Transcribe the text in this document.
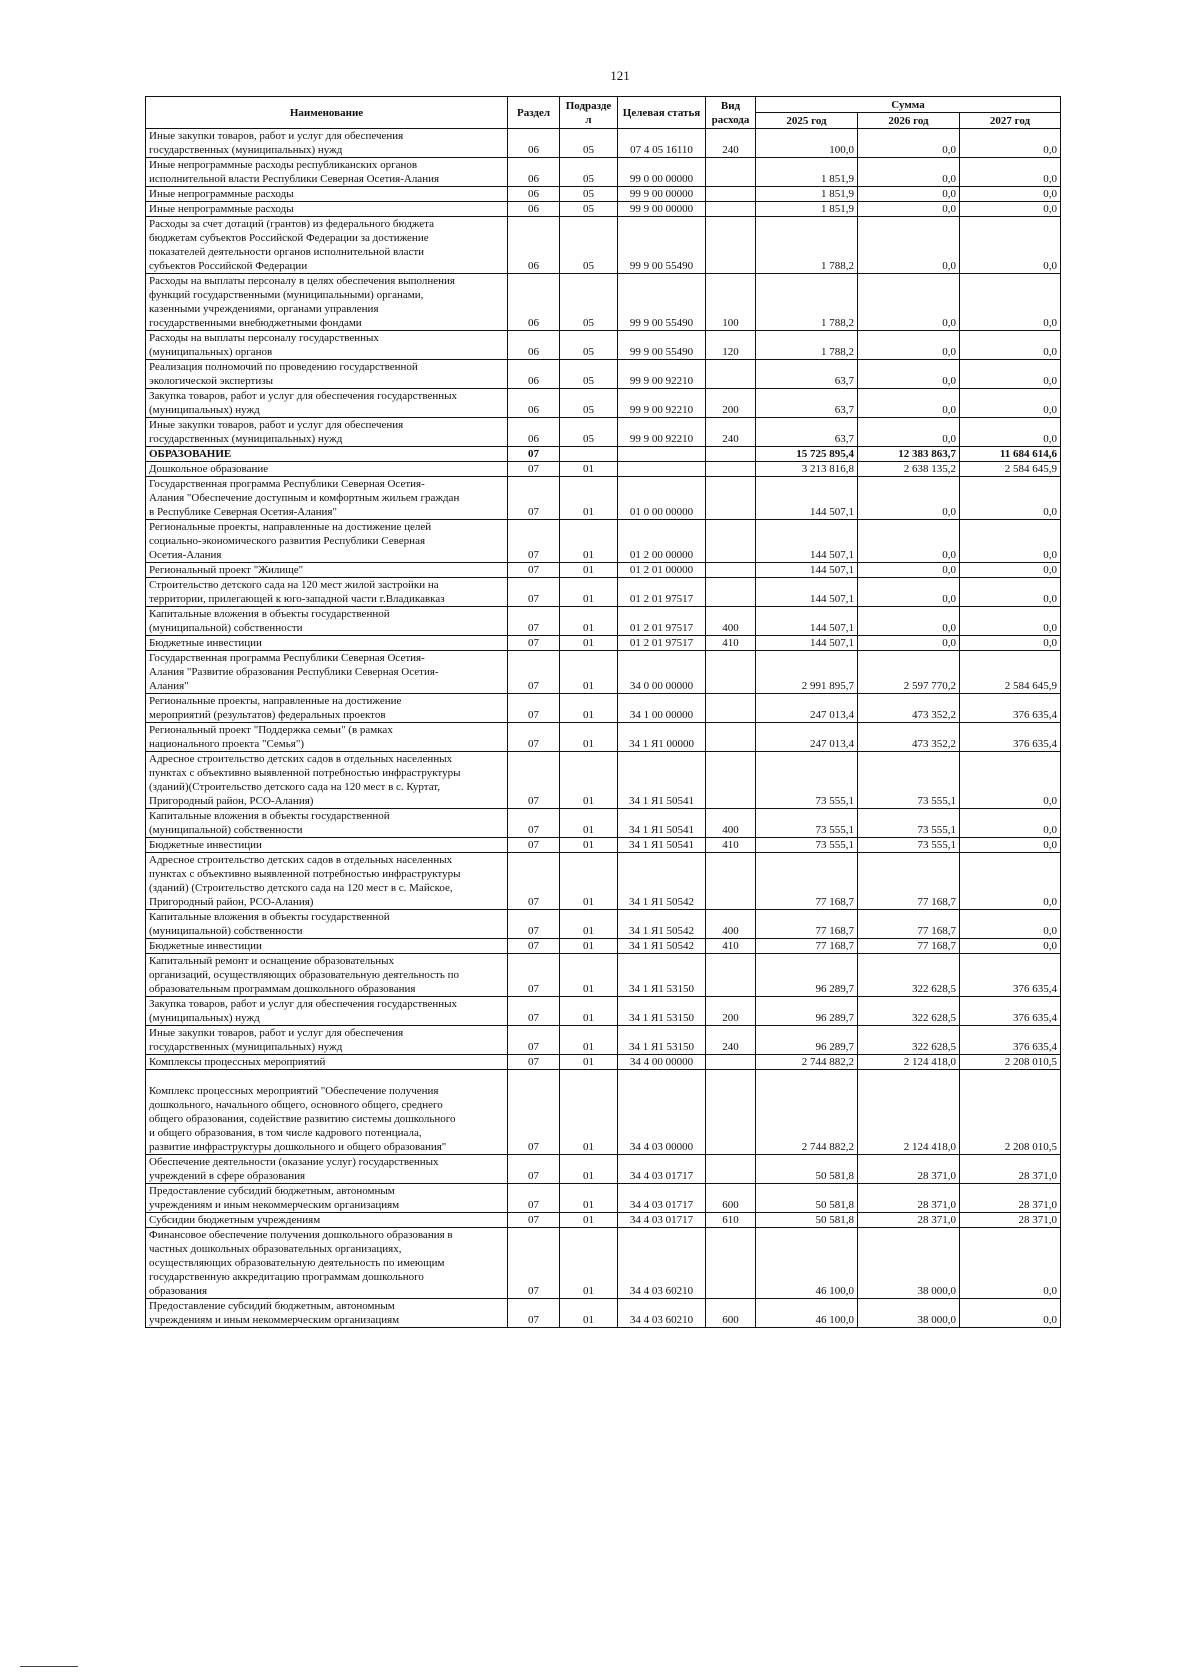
121
Наименование	Раздел	Подразде л	Целевая статья	Вид расхода	Сумма		
					2025 год	2026 год	2027 год
Иные закупки товаров, работ и услуг для обеспечения
государственных (муниципальных) нужд	06	05	07 4 05 16110	240	100,0	0,0	0,0
Иные непрограммные расходы республиканских органов
исполнительной власти Республики Северная Осетия-Алания	06	05	99 0 00 00000		1 851,9	0,0	0,0
Иные непрограммные расходы	06	05	99 9 00 00000		1 851,9	0,0	0,0
Иные непрограммные расходы	06	05	99 9 00 00000		1 851,9	0,0	0,0
Расходы за счет дотаций (грантов) из федерального бюджета
бюджетам субъектов Российской Федерации за достижение
показателей деятельности органов исполнительной власти
субъектов Российской Федерации	06	05	99 9 00 55490		1 788,2	0,0	0,0
Расходы на выплаты персоналу в целях обеспечения выполнения
функций государственными (муниципальными) органами,
казенными учреждениями, органами управления
государственными внебюджетными фондами	06	05	99 9 00 55490	100	1 788,2	0,0	0,0
Расходы на выплаты персоналу государственных
(муниципальных) органов	06	05	99 9 00 55490	120	1 788,2	0,0	0,0
Реализация полномочий по проведению государственной
экологической экспертизы	06	05	99 9 00 92210		63,7	0,0	0,0
Закупка товаров, работ и услуг для обеспечения государственных
(муниципальных) нужд	06	05	99 9 00 92210	200	63,7	0,0	0,0
Иные закупки товаров, работ и услуг для обеспечения
государственных (муниципальных) нужд	06	05	99 9 00 92210	240	63,7	0,0	0,0
ОБРАЗОВАНИЕ	07				15 725 895,4	12 383 863,7	11 684 614,6
Дошкольное образование	07	01			3 213 816,8	2 638 135,2	2 584 645,9
Государственная программа Республики Северная Осетия-
Алания "Обеспечение доступным и комфортным жильем граждан
в Республике Северная Осетия-Алания"	07	01	01 0 00 00000		144 507,1	0,0	0,0
Региональные проекты, направленные на достижение целей
социально-экономического развития Республики Северная
Осетия-Алания	07	01	01 2 00 00000		144 507,1	0,0	0,0
Региональный проект "Жилище"	07	01	01 2 01 00000		144 507,1	0,0	0,0
Строительство детского сада на 120 мест жилой застройки на
территории, прилегающей к юго-западной части г.Владикавказ	07	01	01 2 01 97517		144 507,1	0,0	0,0
Капитальные вложения в объекты государственной
(муниципальной) собственности	07	01	01 2 01 97517	400	144 507,1	0,0	0,0
Бюджетные инвестиции	07	01	01 2 01 97517	410	144 507,1	0,0	0,0
Государственная программа Республики Северная Осетия-
Алания "Развитие образования Республики Северная Осетия-
Алания"	07	01	34 0 00 00000		2 991 895,7	2 597 770,2	2 584 645,9
Региональные проекты, направленные на достижение
мероприятий (результатов) федеральных проектов	07	01	34 1 00 00000		247 013,4	473 352,2	376 635,4
Региональный проект "Поддержка семьи" (в рамках
национального проекта "Семья")	07	01	34 1 Я1 00000		247 013,4	473 352,2	376 635,4
Адресное строительство детских садов в отдельных населенных
пунктах с объективно выявленной потребностью инфраструктуры
(зданий)(Строительство детского сада на 120 мест в с. Куртат,
Пригородный район, РСО-Алания)	07	01	34 1 Я1 50541		73 555,1	73 555,1	0,0
Капитальные вложения в объекты государственной
(муниципальной) собственности	07	01	34 1 Я1 50541	400	73 555,1	73 555,1	0,0
Бюджетные инвестиции	07	01	34 1 Я1 50541	410	73 555,1	73 555,1	0,0
Адресное строительство детских садов в отдельных населенных
пунктах с объективно выявленной потребностью инфраструктуры
(зданий) (Строительство детского сада на 120 мест в с. Майское,
Пригородный район, РСО-Алания)	07	01	34 1 Я1 50542		77 168,7	77 168,7	0,0
Капитальные вложения в объекты государственной
(муниципальной) собственности	07	01	34 1 Я1 50542	400	77 168,7	77 168,7	0,0
Бюджетные инвестиции	07	01	34 1 Я1 50542	410	77 168,7	77 168,7	0,0
Капитальный ремонт и оснащение образовательных
организаций, осуществляющих образовательную деятельность по
образовательным программам дошкольного образования	07	01	34 1 Я1 53150		96 289,7	322 628,5	376 635,4
Закупка товаров, работ и услуг для обеспечения государственных
(муниципальных) нужд	07	01	34 1 Я1 53150	200	96 289,7	322 628,5	376 635,4
Иные закупки товаров, работ и услуг для обеспечения
государственных (муниципальных) нужд	07	01	34 1 Я1 53150	240	96 289,7	322 628,5	376 635,4
Комплексы процессных мероприятий	07	01	34 4 00 00000		2 744 882,2	2 124 418,0	2 208 010,5

Комплекс процессных мероприятий "Обеспечение получения
дошкольного, начального общего, основного общего, среднего
общего образования, содействие развитию системы дошкольного
и общего образования, в том числе кадрового потенциала,
развитие инфраструктуры дошкольного и общего образования"	07	01	34 4 03 00000		2 744 882,2	2 124 418,0	2 208 010,5
Обеспечение деятельности (оказание услуг) государственных
учреждений в сфере образования	07	01	34 4 03 01717		50 581,8	28 371,0	28 371,0
Предоставление субсидий бюджетным, автономным
учреждениям и иным некоммерческим организациям	07	01	34 4 03 01717	600	50 581,8	28 371,0	28 371,0
Субсидии бюджетным учреждениям	07	01	34 4 03 01717	610	50 581,8	28 371,0	28 371,0
Финансовое обеспечение получения дошкольного образования в
частных дошкольных образовательных организациях,
осуществляющих образовательную деятельность по имеющим
государственную аккредитацию программам дошкольного
образования	07	01	34 4 03 60210		46 100,0	38 000,0	0,0
Предоставление субсидий бюджетным, автономным
учреждениям и иным некоммерческим организациям	07	01	34 4 03 60210	600	46 100,0	38 000,0	0,0
